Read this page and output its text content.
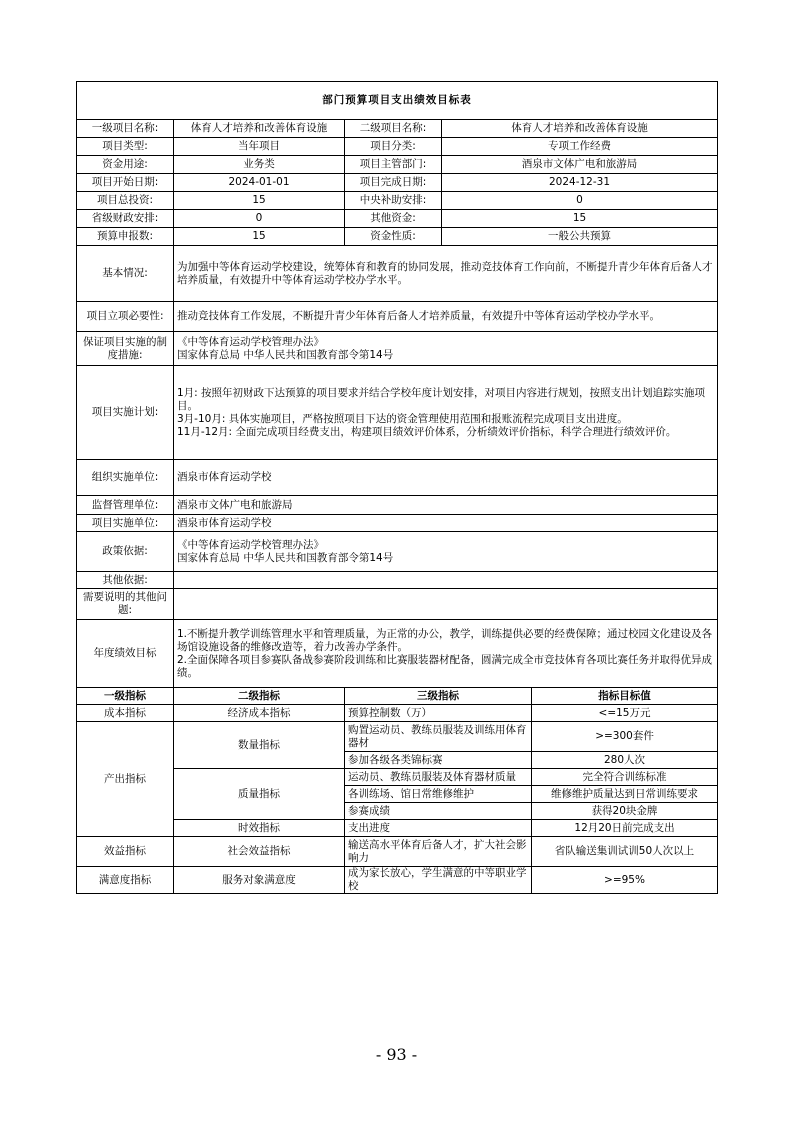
部门预算项目支出绩效目标表				
一级项目名称:	体育人才培养和改善体育设施	二级项目名称:	体育人才培养和改善体育设施	
项目类型:	当年项目	项目分类:	专项工作经费	
资金用途:	业务类	项目主管部门:	酒泉市文体广电和旅游局	
项目开始日期:	2024-01-01	项目完成日期:	2024-12-31	
项目总投资:	15	中央补助安排:	0	
省级财政安排:	0	其他资金:	15	
预算申报数:	15	资金性质:	一般公共预算	
基本情况:	为加强中等体育运动学校建设，统筹体育和教育的协同发展，推动竞技体育工作向前，不断提升青少年体育后备人才培养质量，有效提升中等体育运动学校办学水平。			
项目立项必要性:	推动竞技体育工作发展，不断提升青少年体育后备人才培养质量，有效提升中等体育运动学校办学水平。			
保证项目实施的制度措施:	《中等体育运动学校管理办法》
国家体育总局 中华人民共和国教育部令第14号			
项目实施计划:	1月: 按照年初财政下达预算的项目要求并结合学校年度计划安排，对项目内容进行规划，按照支出计划追踪实施项目。
3月-10月: 具体实施项目，严格按照项目下达的资金管理使用范围和报账流程完成项目支出进度。
11月-12月: 全面完成项目经费支出，构建项目绩效评价体系，分析绩效评价指标，科学合理进行绩效评价。			
组织实施单位:	酒泉市体育运动学校			
监督管理单位:	酒泉市文体广电和旅游局			
项目实施单位:	酒泉市体育运动学校			
政策依据:	《中等体育运动学校管理办法》
国家体育总局 中华人民共和国教育部令第14号			
其他依据:				
需要说明的其他问题:				
年度绩效目标	1.不断提升教学训练管理水平和管理质量，为正常的办公，教学，训练提供必要的经费保障；通过校园文化建设及各场馆设施设备的维修改造等，着力改善办学条件。
2.全面保障各项目参赛队备战参赛阶段训练和比赛服装器材配备，圆满完成全市竞技体育各项比赛任务并取得优异成绩。			
一级指标	二级指标	三级指标		指标目标值
成本指标	经济成本指标	预算控制数（万）		<=15万元
产出指标	数量指标	购置运动员、教练员服装及训练用体育器材		>=300套件
		参加各级各类锦标赛		280人次
	质量指标	运动员、教练员服装及体育器材质量		完全符合训练标准
		各训练场、馆日常维修维护		维修维护质量达到日常训练要求
		参赛成绩		获得20块金牌
	时效指标	支出进度		12月20日前完成支出
效益指标	社会效益指标	输送高水平体育后备人才，扩大社会影响力		省队输送集训试训50人次以上
满意度指标	服务对象满意度	成为家长放心，学生满意的中等职业学校		>=95%
- 93 -
